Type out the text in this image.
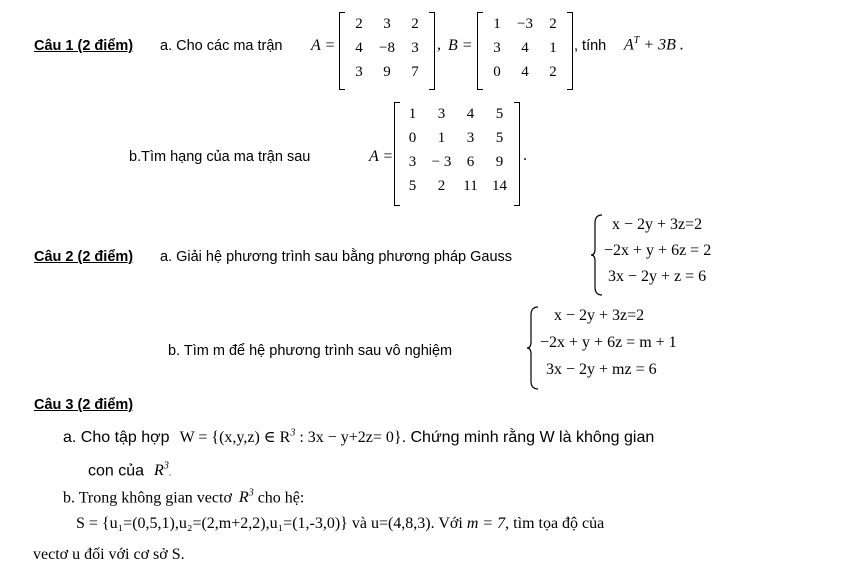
Câu 1 (2 điểm) a. Cho các ma trận A =
2	3	2
4	−8	3
3	9	7
, B =
1	−3	2
3	4	1
0	4	2
, tính $A^T + 3B$ .
b.Tìm hạng của ma trận sau	A =
1	3	4	5
0	1	3	5
3	− 3	6	9
5	2	11 14
.
Câu 2 (2 điểm) a. Giải hệ phương trình sau bằng phương pháp Gauss
x − 2y + 3z=2
−2x + y + 6z = 2
3x − 2y + z = 6
b. Tìm m để hệ phương trình sau vô nghiệm
x − 2y + 3z=2
−2x + y + 6z = m + 1
3x − 2y + mz = 6
Câu 3 (2 điểm)
a. Cho tập hợp W = {(x,y,z) ∈ $R^3$ : 3x − y+2z= 0}. Chứng minh rằng W là không gian
con của $R^3$.
b. Trong không gian vectơ $R^3$ cho hệ:
S = {u₁=(0,5,1),u₂=(2,m+2,2),u₁=(1,-3,0)} và u=(4,8,3). Với m = 7, tìm tọa độ của
vectơ u đối với cơ sở S.
